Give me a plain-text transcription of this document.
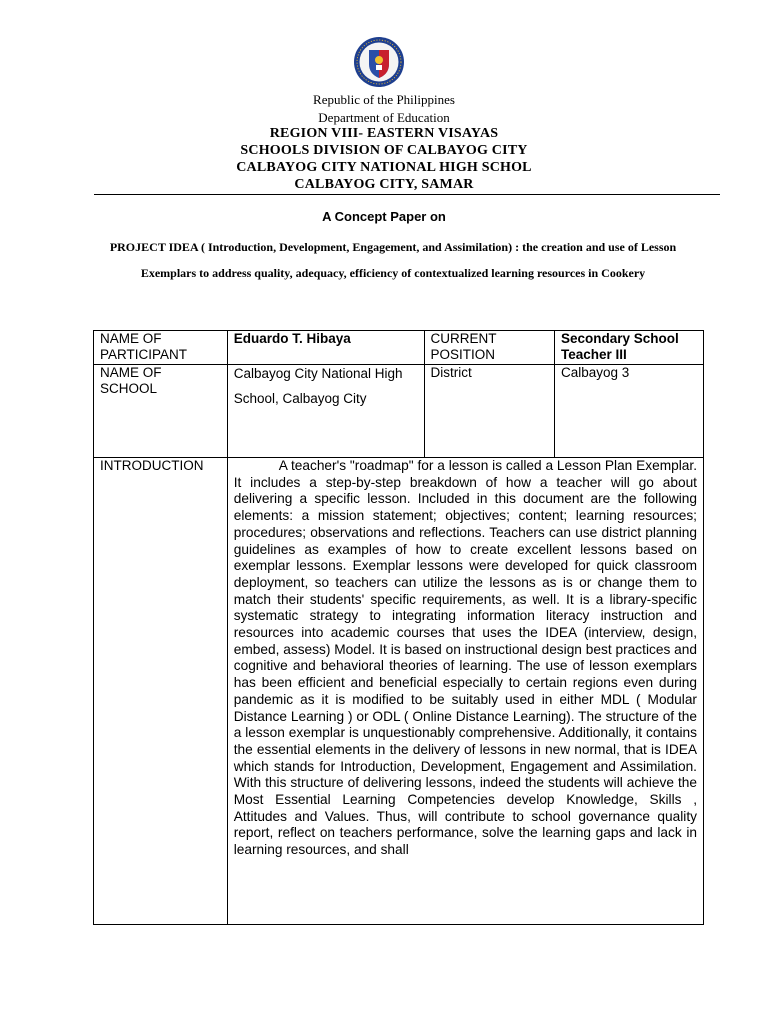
Republic of the Philippines
Department of Education
REGION VIII- EASTERN VISAYAS
SCHOOLS DIVISION OF CALBAYOG CITY
CALBAYOG CITY NATIONAL HIGH SCHOL
CALBAYOG CITY, SAMAR
A Concept Paper on
PROJECT IDEA ( Introduction, Development, Engagement, and Assimilation) : the creation and use of Lesson Exemplars to address quality, adequacy, efficiency of contextualized learning resources in Cookery
NAME OF PARTICIPANT	Eduardo T. Hibaya	CURRENT POSITION	Secondary School Teacher III
NAME OF SCHOOL	Calbayog City National High School, Calbayog City	District	Calbayog 3
INTRODUCTION	A teacher's "roadmap" for a lesson is called a Lesson Plan Exemplar. It includes a step-by-step breakdown of how a teacher will go about delivering a specific lesson. Included in this document are the following elements: a mission statement; objectives; content; learning resources; procedures; observations and reflections. Teachers can use district planning guidelines as examples of how to create excellent lessons based on exemplar lessons. Exemplar lessons were developed for quick classroom deployment, so teachers can utilize the lessons as is or change them to match their students' specific requirements, as well. It is a library-specific systematic strategy to integrating information literacy instruction and resources into academic courses that uses the IDEA (interview, design, embed, assess) Model. It is based on instructional design best practices and cognitive and behavioral theories of learning. The use of lesson exemplars has been efficient and beneficial especially to certain regions even during pandemic as it is modified to be suitably used in either MDL ( Modular Distance Learning ) or ODL ( Online Distance Learning). The structure of the a lesson exemplar is unquestionably comprehensive. Additionally, it contains the essential elements in the delivery of lessons in new normal, that is IDEA which stands for Introduction, Development, Engagement and Assimilation. With this structure of delivering lessons, indeed the students will achieve the Most Essential Learning Competencies develop Knowledge, Skills , Attitudes and Values. Thus, will contribute to school governance quality report, reflect on teachers performance, solve the learning gaps and lack in learning resources, and shall		
